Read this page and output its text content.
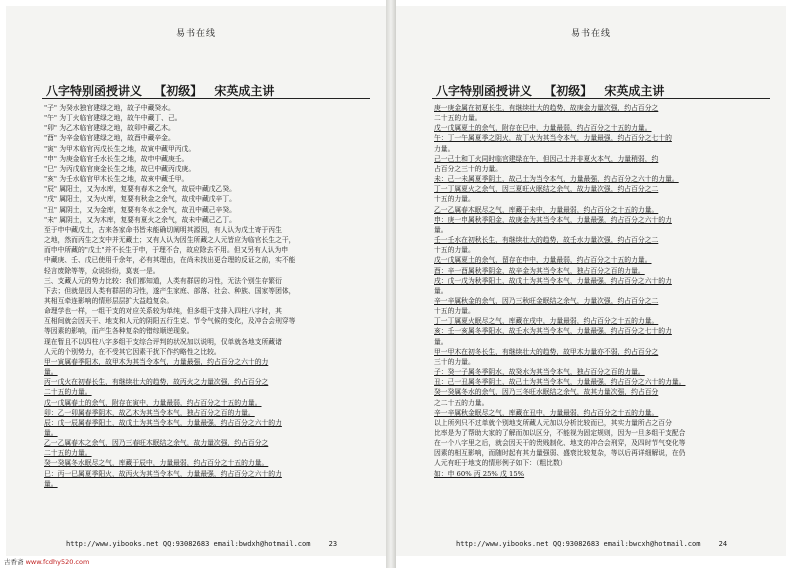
易书在线
八字特别函授讲义 【初级】 宋英成主讲

"子" 为癸水独官建绿之地，故子中藏癸水。

"午" 为丁火临官建绿之地，故午中藏丁、己。

"卯" 为乙木临官建绿之地，故卯中藏乙木。

"酉" 为辛金临官建绿之地，故酉中藏辛金。

"寅" 为甲木临官丙戊长生之地，故寅中藏甲丙戊。

"申" 为庚金临官壬水长生之地，故申中藏庚壬。

"巳" 为丙戊临官庚金长生之地，故巳中藏丙戊庚。

"亥" 为壬水临官甲木长生之地，故亥中藏壬甲。

"辰" 属阳土，又为水库，复要有春木之余气，故辰中藏戊乙癸。

"戌" 属阳土，又为火库，复要有秋金之余气，故戌中藏戊辛丁。

"丑" 属阴土，又为金库，复要有冬水之余气，故丑中藏己辛癸。

"未" 属阴土，又为木库，复要有夏火之余气，故未中藏己乙丁。

至于申中藏戊土，古来各家命书皆未能确切阐明其源因，有人认为戊土寄于丙生

之地，然而丙生之支中并无藏土；又有人认为因生所藏之人元皆应为临官长生之干，

而申中所藏的"戊土"并不长生于申，于理不合，故应除去不用。但又另有人认为申

中藏庚、壬、戊已使用千余年，必有其理由，在尚未找出更合理的反证之前，实不能

轻言废除等等，众说纷纷，莫衷一是。

三、支藏人元的势力比较：我们都知道，人类有群居的习性，无法个别生存繁衍

下去；但就是因人类有群居的习性，遂产生家庭、部落、社会、种族、国家等团体，

其相互牵连影响的情形层层扩大益趋复杂。

命理学也一样，一组干支的对应关系较为单纯，但多组干支排入四柱八字时，其

互相间就会因天干、地支和人元的阴阳五行生克、节令气候的变化，及冲合会刑穿等

等因素的影响，而产生各种复杂的错综顺逆现象。

现在暂且不以四柱八字多组干支综合评判的状况加以说明，仅单就各地支所藏诸

人元的个别势力，在不受其它因素干扰下作约略性之比较。

甲一寅属春季阳木，故甲木为其当令本气，力量最强，约占百分之六十的力

量。

丙一戊火在初春长生，有继续壮大的趋势，故丙火之力量次强，约占百分之

二十五的力量。

戊一戊属春土的余气，附存在寅中，力量最弱，约占百分之十五的力量。

卯：乙一卯属春季阴木，故乙木为其当令本气，独占百分之百的力量。

辰：戊一辰属春季阳土，故戊土为其当令本气，力量最强，约占百分之六十的力

量。

乙一乙属春木之余气，因乃三春旺木眠结之余气，故力量次强，约占百分之

二十五的力量。

癸一癸属冬水眠尽之气，库藏于辰中，力量最弱，约占百分之十五的力量。

巳：丙一巳属夏季阳火，故丙火为其当令本气，力量最强，约占百分之六十的力

量。

http://www.yibooks.net QQ:93082683 email:bwdxh@hotmail.com	23
易书在线
八字特别函授讲义 【初级】 宋英成主讲

庚一庚金属在初夏长生，有继续壮大的趋势，故庚金力量次强，约占百分之

二十五的力量。

戊一戊属夏土的余气，附存在巳中，力量最弱，约占百分之十五的力量。

午：丁一午属夏季之阴火，故丁火为其当令本气，力量最强，约占百分之七十的

力量。

己一己土和丁火同时临官建绿在午，但因己土并非夏火本气，力量稍弱，约

占百分之三十的力量。

未：己一未属夏季阴土，故己土为当令本气，力量最强，约占百分之六十的力量。

丁一丁属夏火之余气，因三夏旺火眠结之余气，故力量次强，约占百分之二

十五的力量。

乙一乙属春木眠尽之气，库藏于未中，力量最弱，约占百分之十五的力量。

申：庚一申属秋季阳金，故庚金为其当令本气，力量最强，约占百分之六十的力

量。

壬一壬水在初秋长生，有继续壮大的趋势，故壬水力量次强，约占百分之二

十五的力量。

戊一戊属夏土的余气，留存在申中，力量最弱，约占百分之十五的力量。

酉：辛一酉属秋季阴金，故辛金为其当令本气，独占百分之百的力量。

戌：戊一戊为秋季阳土，故戊土为其当令本气，力量最强，约占百分之六十的力

量。

辛一辛属秋金的余气，因乃三秋旺金眠结之余气，力量次强，约占百分之二

十五的力量。

丁一丁属夏火眠尽之气，库藏在戌中，力量最弱，约占百分之十五的力量。

亥：壬一亥属冬季阳水，故壬水为其当令本气，力量最强，约占百分之七十的力

量。

甲一甲木在初冬长生，有继续壮大的趋势，故甲木力量亦不弱，约占百分之

三十的力量。

子：癸一子属冬季阴水，故癸水为其当令本气，独占百分之百的力量。

丑：己一丑属冬季阴土，故己土为其当令本气，力量最强，约占百分之六十的力量。

癸一癸属冬水的余气，因乃三冬旺水眠结之余气，故其力量次强，约占百分

之二十五的力量。

辛一辛属秋金眠尽之气，库藏在丑中，力量最弱，约占百分之十五的力量。

以上所列只不过单就个别地支所藏人元加以分析比较而已，其实力量所占之百分

比率是为了帮助大家的了解而加以区分，不能视为固定规则，因为一旦多组干支配合

在一个八字里之后，就会因天干的贵贱制化、地支的冲合会刑穿，及四时节气变化等

因素的相互影响，而随时起有其力量强弱、盛衰比较复杂，等以后再详细解说，在仍

人元有旺于地支的情形例子如下：（粗比数）

如：申 60% 丙 25% 戊 15%

http://www.yibooks.net QQ:93082683 email:bwcxh@hotmail.com	24
古香斋 www.fcdhy520.com
